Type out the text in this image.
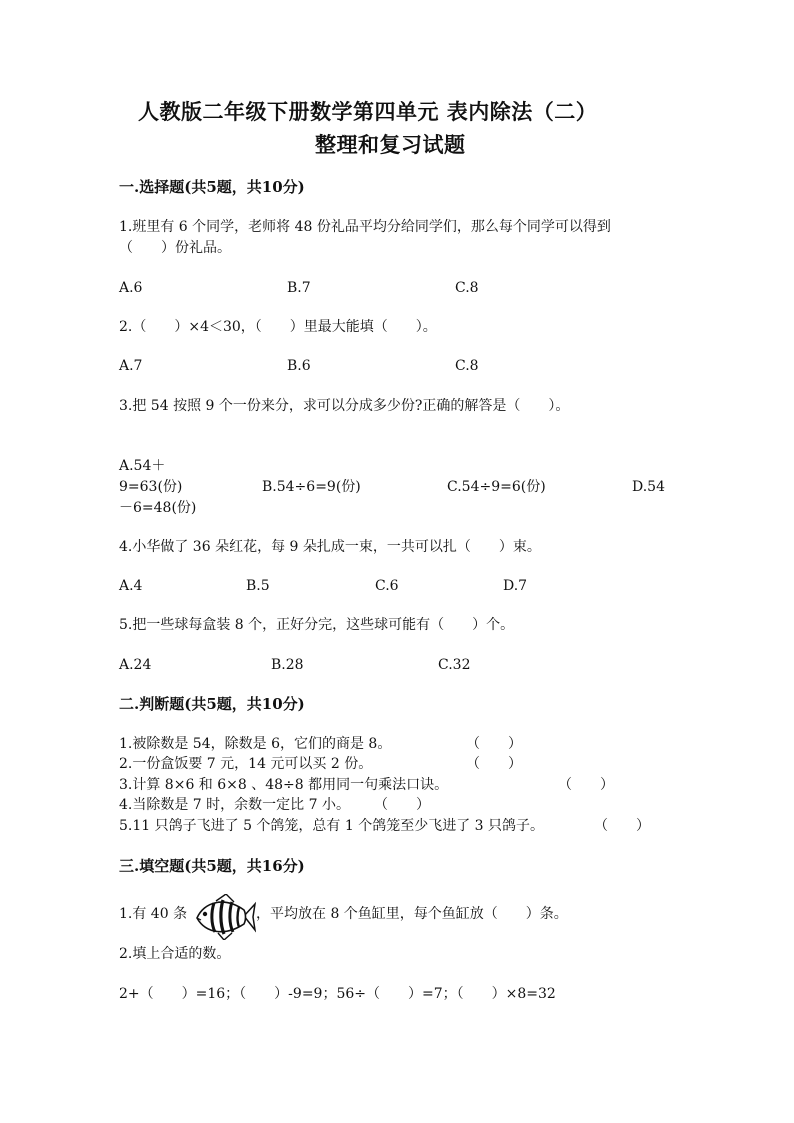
人教版二年级下册数学第四单元 表内除法（二）
整理和复习试题
一.选择题(共5题，共10分)
1.班里有 6 个同学，老师将 48 份礼品平均分给同学们，那么每个同学可以得到
（　　）份礼品。
A.6	B.7	C.8
2.（　　）×4＜30，（　　）里最大能填（　　）。
A.7	B.6	C.8
3.把 54 按照 9 个一份来分，求可以分成多少份?正确的解答是（　　）。
A.54＋
9=63(份)	B.54÷6=9(份)	C.54÷9=6(份)	D.54
－6=48(份)
4.小华做了 36 朵红花，每 9 朵扎成一束，一共可以扎（　　）束。
A.4	B.5	C.6	D.7
5.把一些球每盒装 8 个，正好分完，这些球可能有（　　）个。
A.24	B.28	C.32
二.判断题(共5题，共10分)
1.被除数是 54，除数是 6，它们的商是 8。	（　　）
2.一份盒饭要 7 元，14 元可以买 2 份。	（　　）
3.计算 8×6 和 6×8 、48÷8 都用同一句乘法口诀。	（　　）
4.当除数是 7 时，余数一定比 7 小。 （　　）
5.11 只鸽子飞进了 5 个鸽笼，总有 1 个鸽笼至少飞进了 3 只鸽子。	（　　）
三.填空题(共5题，共16分)
1.有 40 条	，平均放在 8 个鱼缸里，每个鱼缸放（　　）条。
2.填上合适的数。
2+（　　）=16；（　　）-9=9；56÷（　　）=7；（　　）×8=32
